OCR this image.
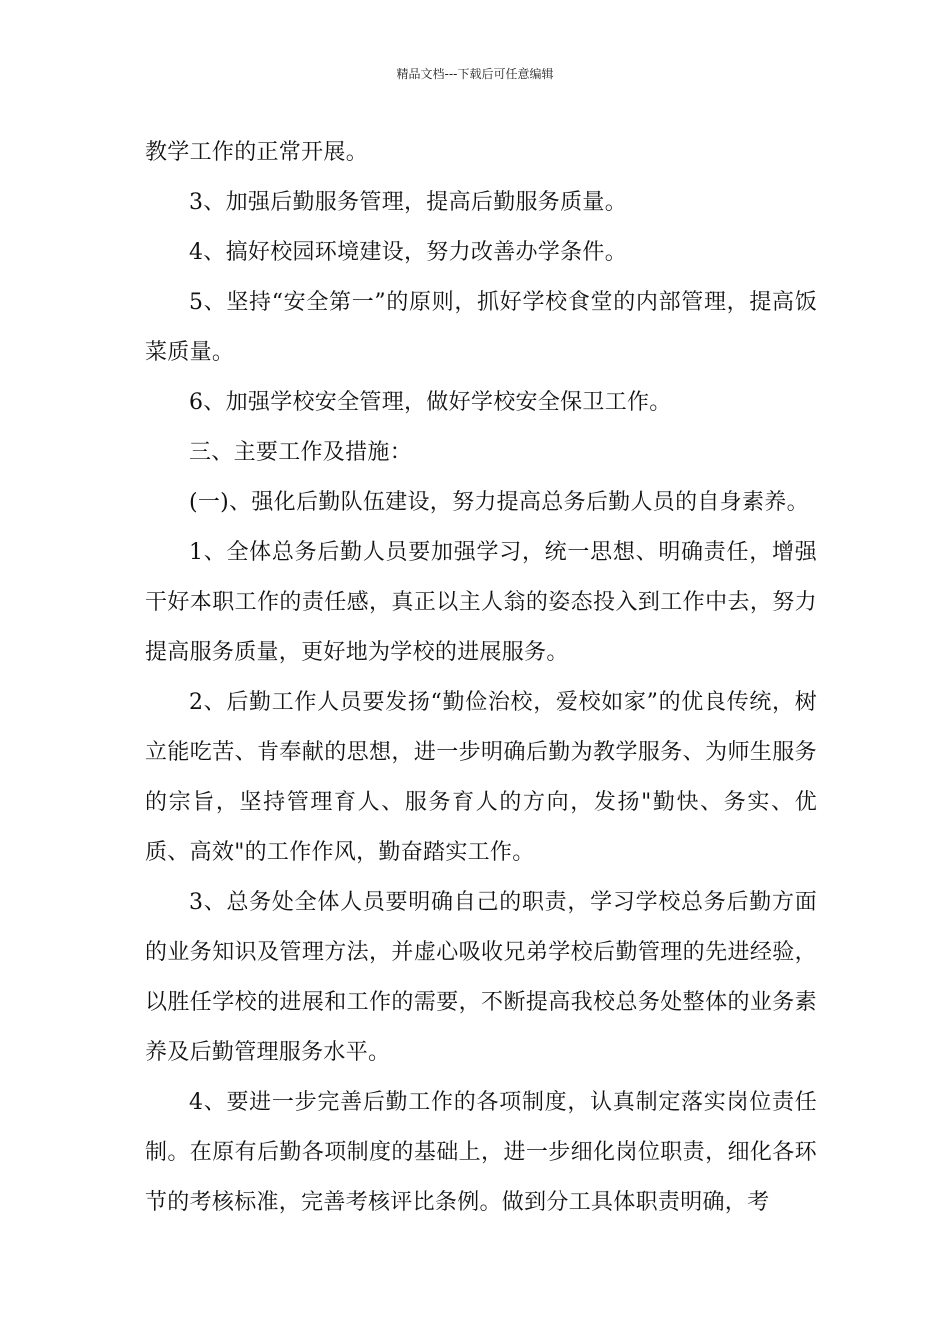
精品文档---下载后可任意编辑

教学工作的正常开展。

3、加强后勤服务管理，提高后勤服务质量。

4、搞好校园环境建设，努力改善办学条件。

5、坚持“安全第一”的原则，抓好学校食堂的内部管理，提高饭菜质量。

6、加强学校安全管理，做好学校安全保卫工作。

三、主要工作及措施：

(一)、强化后勤队伍建设，努力提高总务后勤人员的自身素养。

1、全体总务后勤人员要加强学习，统一思想、明确责任，增强干好本职工作的责任感，真正以主人翁的姿态投入到工作中去，努力提高服务质量，更好地为学校的进展服务。

2、后勤工作人员要发扬“勤俭治校，爱校如家”的优良传统，树立能吃苦、肯奉献的思想，进一步明确后勤为教学服务、为师生服务的宗旨，坚持管理育人、服务育人的方向，发扬"勤快、务实、优质、高效"的工作作风，勤奋踏实工作。

3、总务处全体人员要明确自己的职责，学习学校总务后勤方面的业务知识及管理方法，并虚心吸收兄弟学校后勤管理的先进经验，以胜任学校的进展和工作的需要，不断提高我校总务处整体的业务素养及后勤管理服务水平。

4、要进一步完善后勤工作的各项制度，认真制定落实岗位责任制。在原有后勤各项制度的基础上，进一步细化岗位职责，细化各环节的考核标准，完善考核评比条例。做到分工具体职责明确，考
